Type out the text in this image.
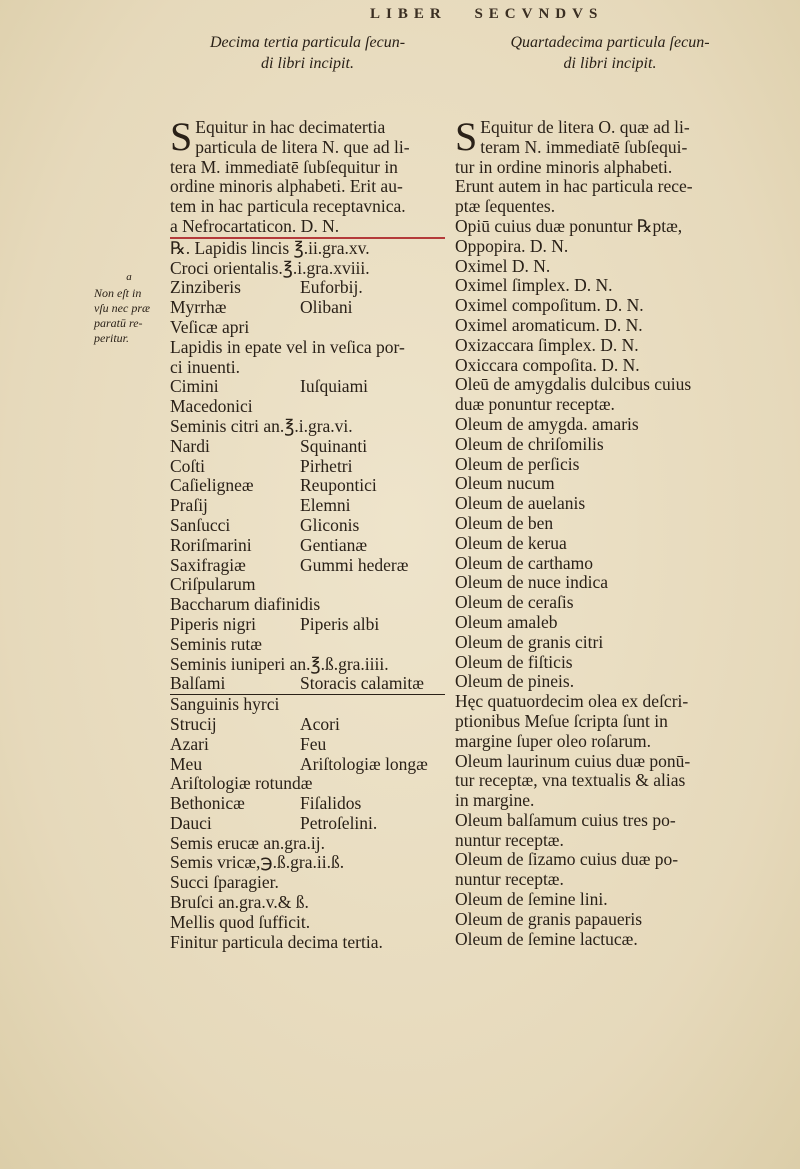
LIBER SECVNDVS
a
Non eſt in
vſu nec præ
paratū re-
peritur.
Decima tertia particula ſecun-
di libri incipit.
S Equitur in hac decimatertia
particula de litera N. que ad li-
tera M. immediatē ſubſequitur in
ordine minoris alphabeti. Erit au-
tem in hac particula receptavnica.
a Nefrocartaticon. D. N.
℞. Lapidis lincis ℥.ii.gra.xv.
Croci orientalis.℥.i.gra.xviii.
Zinziberis	Euforbij.
Myrrhæ	Olibani
Veſicæ apri
Lapidis in epate vel in veſica por-
ci inuenti.
Cimini	Iuſquiami
Macedonici
Seminis citri an.℥.i.gra.vi.
Nardi	Squinanti
Coſti	Pirhetri
Caſieligneæ	Reupontici
Praſij	Elemni
Sanſucci	Gliconis
Roriſmarini	Gentianæ
Saxifragiæ	Gummi hederæ
Criſpularum
Baccharum diafinidis
Piperis nigri	Piperis albi
Seminis rutæ
Seminis iuniperi an.℥.ß.gra.iiii.
Balſami	Storacis calamitæ
Sanguinis hyrci
Strucij	Acori
Azari	Feu
Meu	Ariſtologiæ longæ
Ariſtologiæ rotundæ
Bethonicæ	Fiſalidos
Dauci	Petroſelini.
Semis erucæ an.gra.ij.
Semis vricæ,℈.ß.gra.ii.ß.
Succi ſparagier.
Bruſci an.gra.v.& ß.
Mellis quod ſufficit.
Finitur particula decima tertia.
Quartadecima particula ſecun-
di libri incipit.
S Equitur de litera O. quæ ad li-
teram N. immediatē ſubſequi-
tur in ordine minoris alphabeti.
Erunt autem in hac particula rece-
ptæ ſequentes.
Opiū cuius duæ ponuntur ℞ptæ,
Oppopira. D. N.
Oximel D. N.
Oximel ſimplex. D. N.
Oximel compoſitum. D. N.
Oximel aromaticum. D. N.
Oxizaccara ſimplex. D. N.
Oxiccara compoſita. D. N.
Oleū de amygdalis dulcibus cuius
duæ ponuntur receptæ.
Oleum de amygda. amaris
Oleum de chriſomilis
Oleum de perſicis
Oleum nucum
Oleum de auelanis
Oleum de ben
Oleum de kerua
Oleum de carthamo
Oleum de nuce indica
Oleum de ceraſis
Oleum amaleb
Oleum de granis citri
Oleum de fiſticis
Oleum de pineis.
Hęc quatuordecim olea ex deſcri-
ptionibus Meſue ſcripta ſunt in
margine ſuper oleo roſarum.
Oleum laurinum cuius duæ ponū-
tur receptæ, vna textualis & alias
in margine.
Oleum balſamum cuius tres po-
nuntur receptæ.
Oleum de ſizamo cuius duæ po-
nuntur receptæ.
Oleum de ſemine lini.
Oleum de granis papaueris
Oleum de ſemine lactucæ.
